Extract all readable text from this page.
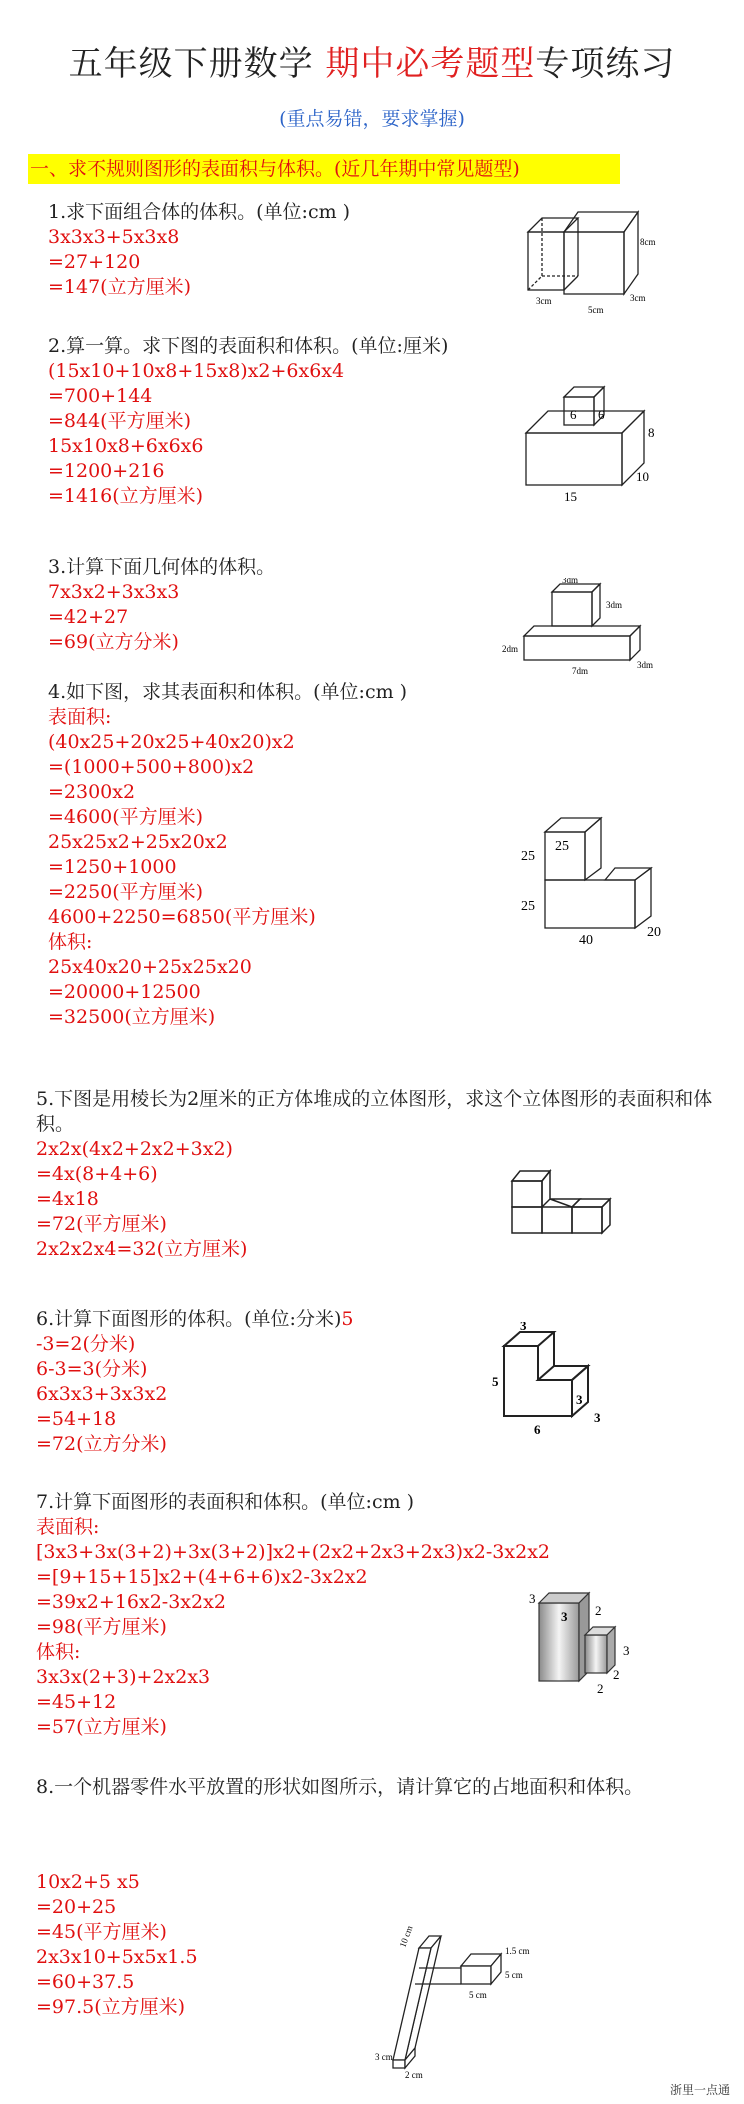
五年级下册数学 期中必考题型专项练习
(重点易错，要求掌握)
一、求不规则图形的表面积与体积。(近几年期中常见题型)
1.求下面组合体的体积。(单位:cm )
3x3x3+5x3x8
=27+120
=147(立方厘米)
8cm
3cm	3cm
5cm
2.算一算。求下图的表面积和体积。(单位:厘米)
(15x10+10x8+15x8)x2+6x6x4
=700+144
=844(平方厘米)
15x10x8+6x6x6
=1200+216
=1416(立方厘米)
6 6
8
10
15
3.计算下面几何体的体积。
7x3x2+3x3x3
=42+27
=69(立方分米)
3dm
3dm
2dm
7dm
3dm
4.如下图，求其表面积和体积。(单位:cm )
表面积:
(40x25+20x25+40x20)x2
=(1000+500+800)x2
=2300x2
=4600(平方厘米)
25x25x2+25x20x2
=1250+1000
=2250(平方厘米)
4600+2250=6850(平方厘米)
体积:
25x40x20+25x25x20
=20000+12500
=32500(立方厘米)
25
25
25
40
20
5.下图是用棱长为2厘米的正方体堆成的立体图形，求这个立体图形的表面积和体积。
2x2x(4x2+2x2+3x2)
=4x(8+4+6)
=4x18
=72(平方厘米)
2x2x2x4=32(立方厘米)
6.计算下面图形的体积。(单位:分米)5
-3=2(分米)
6-3=3(分米)
6x3x3+3x3x2
=54+18
=72(立方分米)
3
5
3
6
3
7.计算下面图形的表面积和体积。(单位:cm )
表面积:
[3x3+3x(3+2)+3x(3+2)]x2+(2x2+2x3+2x3)x2-3x2x2
=[9+15+15]x2+(4+6+6)x2-3x2x2
=39x2+16x2-3x2x2
=98(平方厘米)
体积:
3x3x(2+3)+2x2x3
=45+12
=57(立方厘米)
3
3 2
3
2
2
8.一个机器零件水平放置的形状如图所示，请计算它的占地面积和体积。
10x2+5 x5
=20+25
=45(平方厘米)
2x3x10+5x5x1.5
=60+37.5
=97.5(立方厘米)
10 cm
1.5 cm
5 cm
5 cm
3 cm
2 cm
浙里一点通
